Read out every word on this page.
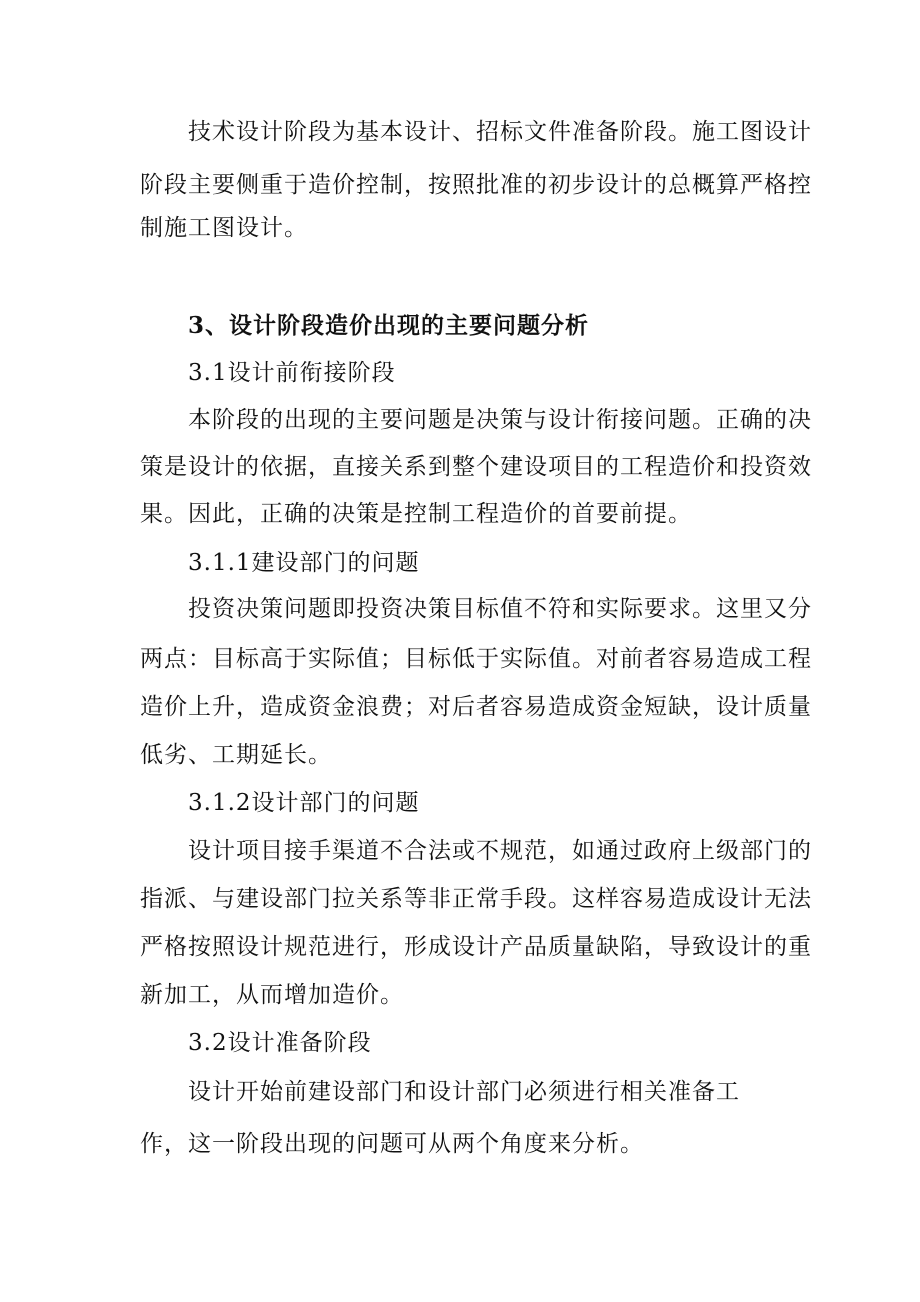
技术设计阶段为基本设计、招标文件准备阶段。施工图设计
阶段主要侧重于造价控制，按照批准的初步设计的总概算严格控
制施工图设计。
3、设计阶段造价出现的主要问题分析
3.1设计前衔接阶段
本阶段的出现的主要问题是决策与设计衔接问题。正确的决
策是设计的依据，直接关系到整个建设项目的工程造价和投资效
果。因此，正确的决策是控制工程造价的首要前提。
3.1.1建设部门的问题
投资决策问题即投资决策目标值不符和实际要求。这里又分
两点：目标高于实际值；目标低于实际值。对前者容易造成工程
造价上升，造成资金浪费；对后者容易造成资金短缺，设计质量
低劣、工期延长。
3.1.2设计部门的问题
设计项目接手渠道不合法或不规范，如通过政府上级部门的
指派、与建设部门拉关系等非正常手段。这样容易造成设计无法
严格按照设计规范进行，形成设计产品质量缺陷，导致设计的重
新加工，从而增加造价。
3.2设计准备阶段
设计开始前建设部门和设计部门必须进行相关准备工
作，这一阶段出现的问题可从两个角度来分析。
